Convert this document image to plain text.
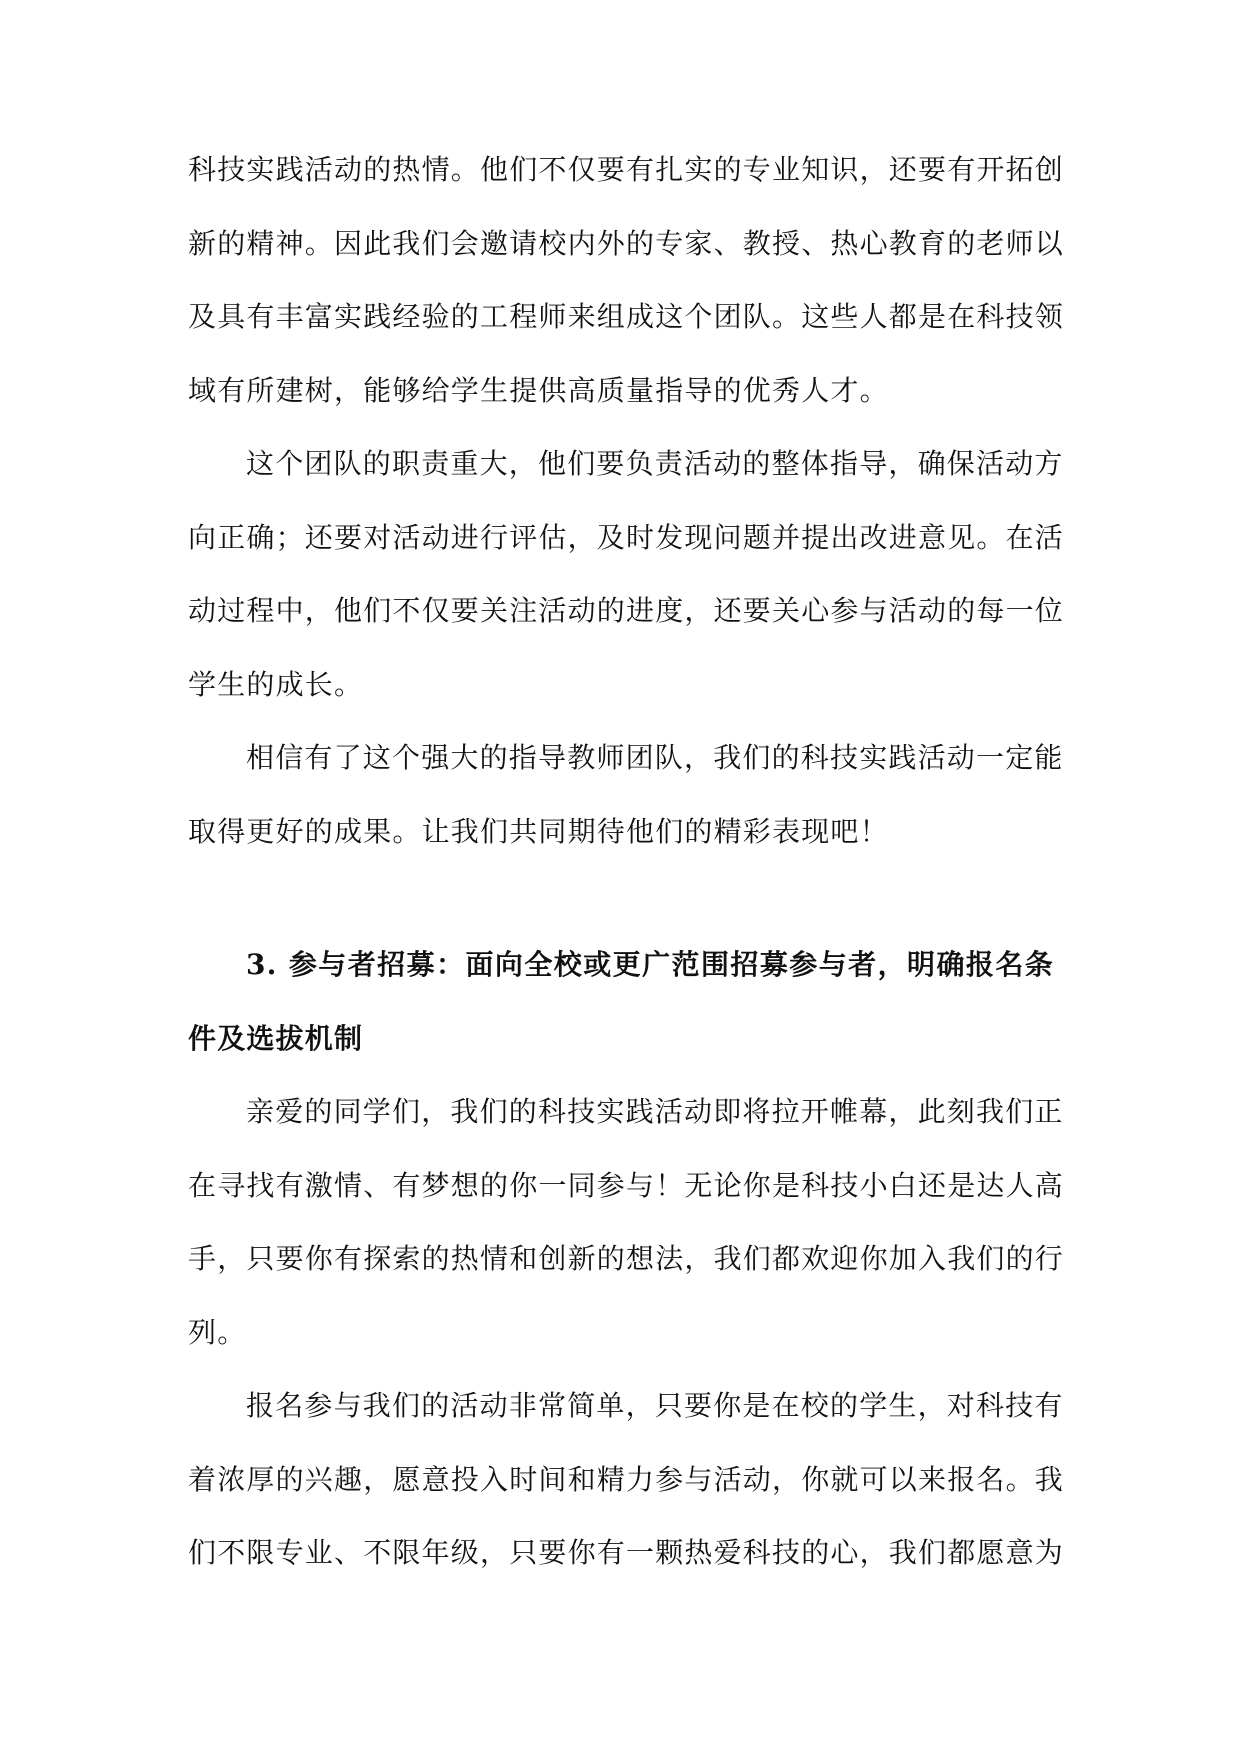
科技实践活动的热情。他们不仅要有扎实的专业知识，还要有开拓创
新的精神。因此我们会邀请校内外的专家、教授、热心教育的老师以
及具有丰富实践经验的工程师来组成这个团队。这些人都是在科技领
域有所建树，能够给学生提供高质量指导的优秀人才。
这个团队的职责重大，他们要负责活动的整体指导，确保活动方
向正确；还要对活动进行评估，及时发现问题并提出改进意见。在活
动过程中，他们不仅要关注活动的进度，还要关心参与活动的每一位
学生的成长。
相信有了这个强大的指导教师团队，我们的科技实践活动一定能
取得更好的成果。让我们共同期待他们的精彩表现吧！
3. 参与者招募：面向全校或更广范围招募参与者，明确报名条
件及选拔机制
亲爱的同学们，我们的科技实践活动即将拉开帷幕，此刻我们正
在寻找有激情、有梦想的你一同参与！无论你是科技小白还是达人高
手，只要你有探索的热情和创新的想法，我们都欢迎你加入我们的行
列。
报名参与我们的活动非常简单，只要你是在校的学生，对科技有
着浓厚的兴趣，愿意投入时间和精力参与活动，你就可以来报名。我
们不限专业、不限年级，只要你有一颗热爱科技的心，我们都愿意为
